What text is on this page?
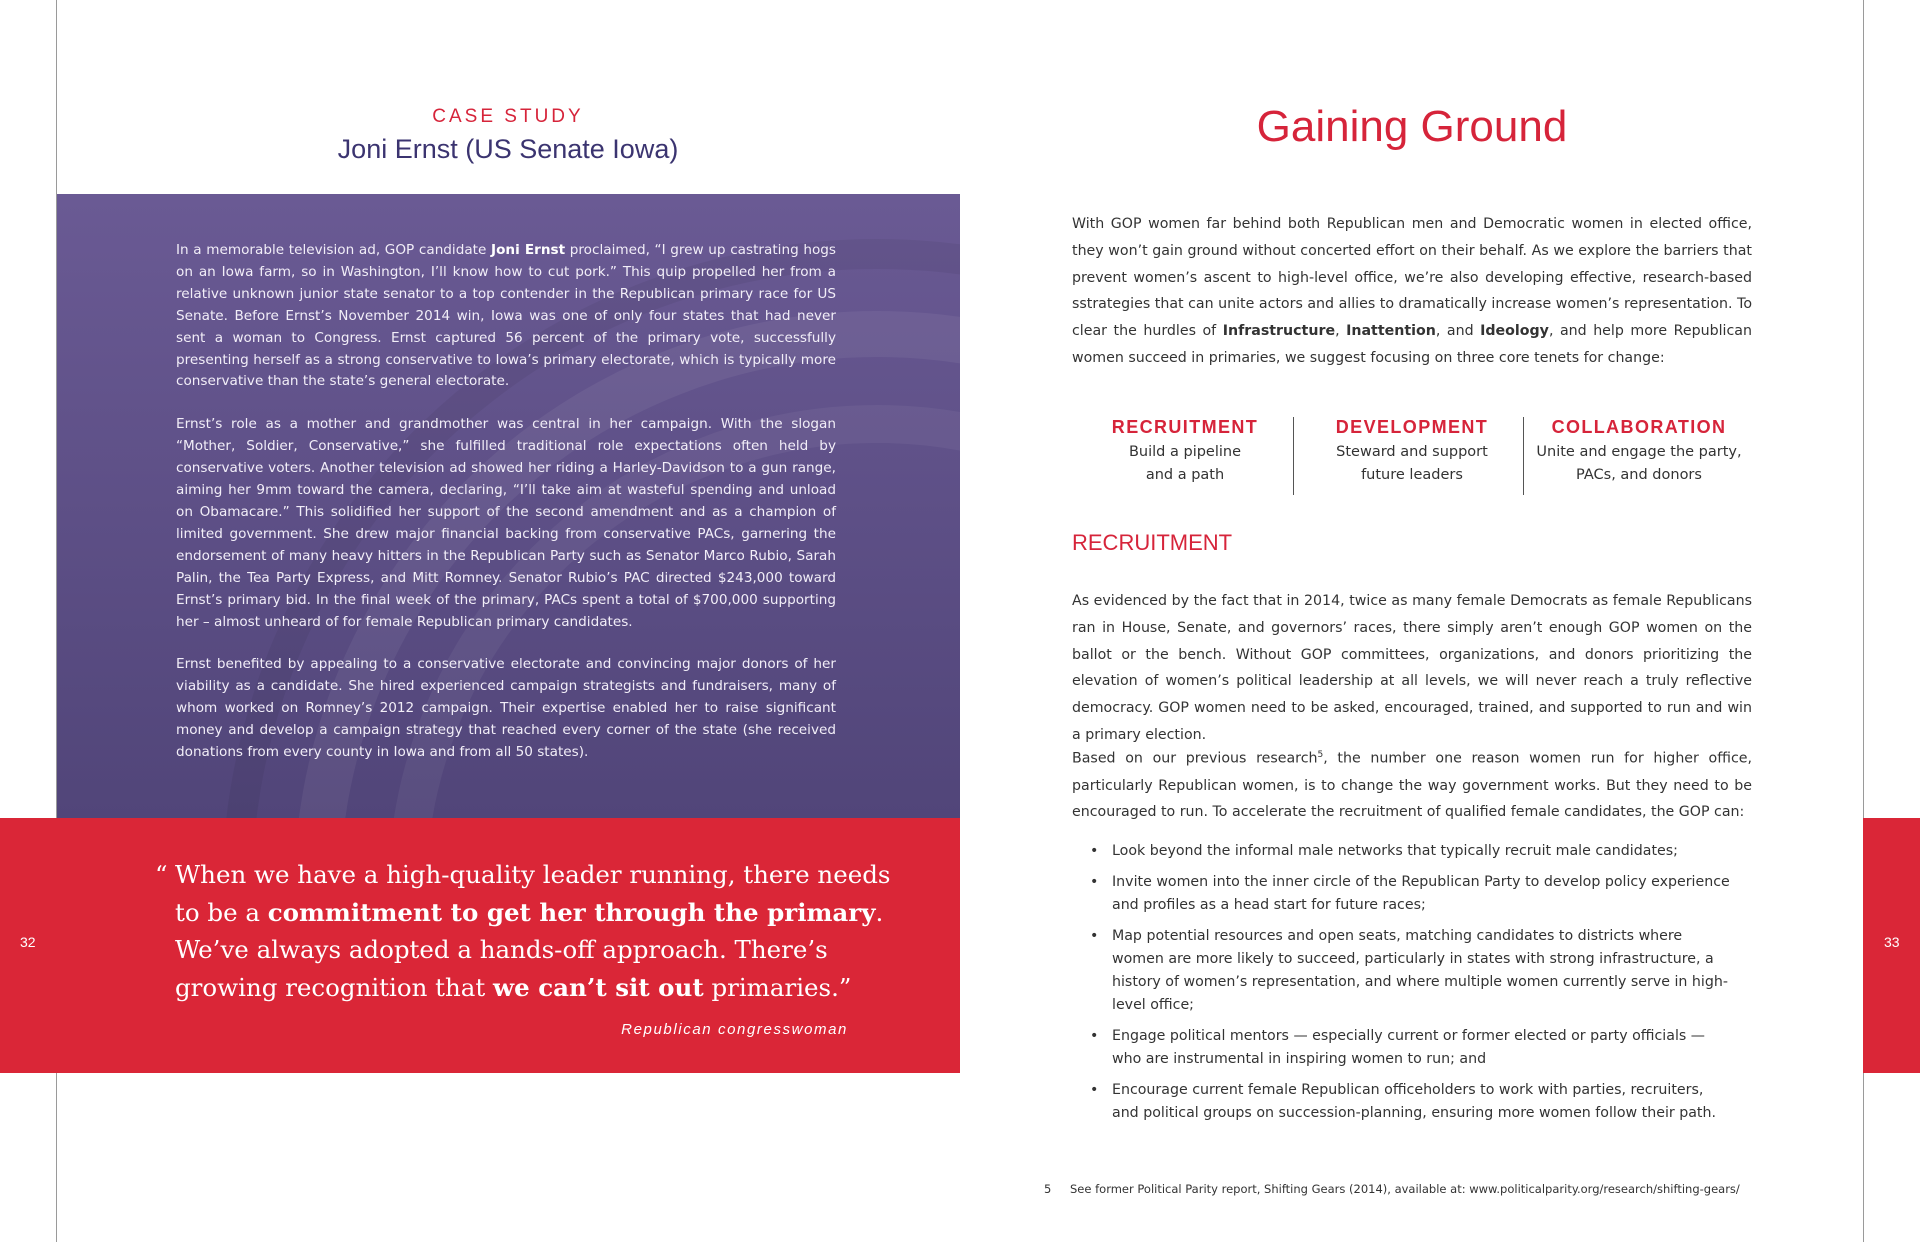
CASE STUDY
Joni Ernst (US Senate Iowa)

In a memorable television ad, GOP candidate Joni Ernst proclaimed, “I grew up castrating hogs on an Iowa farm, so in Washington, I’ll know how to cut pork.” This quip propelled her from a relative unknown junior state senator to a top contender in the Republican primary race for US Senate. Before Ernst’s November 2014 win, Iowa was one of only four states that had never sent a woman to Congress. Ernst captured 56 percent of the primary vote, successfully presenting herself as a strong conservative to Iowa’s primary electorate, which is typically more conservative than the state’s general electorate.

Ernst’s role as a mother and grandmother was central in her campaign. With the slogan “Mother, Soldier, Conservative,” she fulfilled traditional role expectations often held by conservative voters. Another television ad showed her riding a Harley-Davidson to a gun range, aiming her 9mm toward the camera, declaring, “I’ll take aim at wasteful spending and unload on Obamacare.” This solidified her support of the second amendment and as a champion of limited government. She drew major financial backing from conservative PACs, garnering the endorsement of many heavy hitters in the Republican Party such as Senator Marco Rubio, Sarah Palin, the Tea Party Express, and Mitt Romney. Senator Rubio’s PAC directed $243,000 toward Ernst’s primary bid. In the final week of the primary, PACs spent a total of $700,000 supporting her – almost unheard of for female Republican primary candidates.

Ernst benefited by appealing to a conservative electorate and convincing major donors of her viability as a candidate. She hired experienced campaign strategists and fundraisers, many of whom worked on Romney’s 2012 campaign. Their expertise enabled her to raise significant money and develop a campaign strategy that reached every corner of the state (she received donations from every county in Iowa and from all 50 states).

“ When we have a high-quality leader running, there needs
to be a commitment to get her through the primary.
We’ve always adopted a hands-off approach. There’s
growing recognition that we can’t sit out primaries.”
Republican congresswoman
32	33
Gaining Ground
With GOP women far behind both Republican men and Democratic women in elected office, they won’t gain ground without concerted effort on their behalf. As we explore the barriers that prevent women’s ascent to high-level office, we’re also developing effective, research-based sstrategies that can unite actors and allies to dramatically increase women’s representation. To clear the hurdles of Infrastructure, Inattention, and Ideology, and help more Republican women succeed in primaries, we suggest focusing on three core tenets for change:
RECRUITMENT
Build a pipeline
and a path
DEVELOPMENT
Steward and support
future leaders
COLLABORATION
Unite and engage the party,
PACs, and donors
RECRUITMENT
As evidenced by the fact that in 2014, twice as many female Democrats as female Republicans ran in House, Senate, and governors’ races, there simply aren’t enough GOP women on the ballot or the bench. Without GOP committees, organizations, and donors prioritizing the elevation of women’s political leadership at all levels, we will never reach a truly reflective democracy. GOP women need to be asked, encouraged, trained, and supported to run and win a primary election.
Based on our previous research$^5$, the number one reason women run for higher office, particularly Republican women, is to change the way government works. But they need to be encouraged to run. To accelerate the recruitment of qualified female candidates, the GOP can:
• Look beyond the informal male networks that typically recruit male candidates;
• Invite women into the inner circle of the Republican Party to develop policy experience and profiles as a head start for future races;
• Map potential resources and open seats, matching candidates to districts where women are more likely to succeed, particularly in states with strong infrastructure, a history of women’s representation, and where multiple women currently serve in high-level office;
• Engage political mentors — especially current or former elected or party officials — who are instrumental in inspiring women to run; and
• Encourage current female Republican officeholders to work with parties, recruiters, and political groups on succession-planning, ensuring more women follow their path.
5 See former Political Parity report, Shifting Gears (2014), available at: www.politicalparity.org/research/shifting-gears/
